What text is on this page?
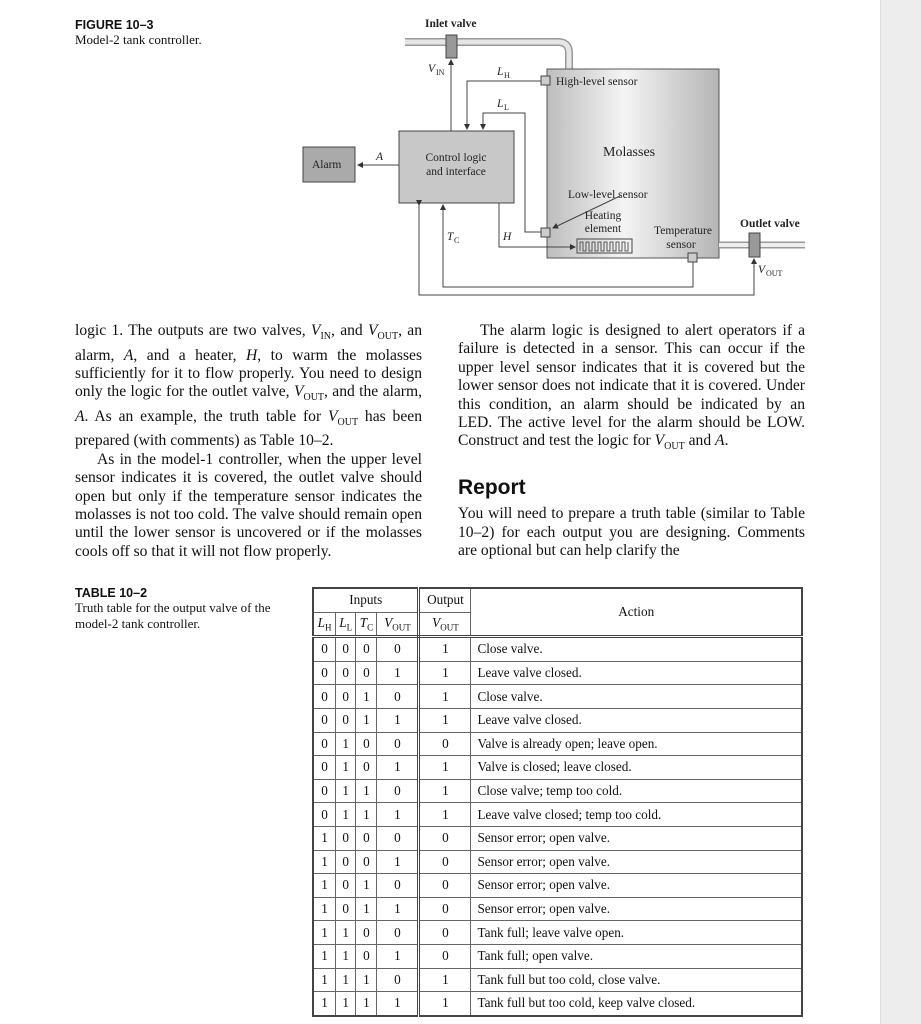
FIGURE 10–3
Model-2 tank controller.
Inlet valve
V IN	L H
L L
High-level sensor
Molasses
Alarm
A	Control logic
and interface
Low-level sensor
Heating
element	Temperature
sensor
Outlet valve
T C	H
V OUT

logic 1. The outputs are two valves, $V_{IN}$, and $V_{OUT}$, an alarm, A, and a heater, H, to warm the molasses sufficiently for it to flow properly. You need to design only the logic for the outlet valve, $V_{OUT}$, and the alarm, A. As an example, the truth table for $V_{OUT}$ has been prepared (with comments) as Table 10–2.

As in the model-1 controller, when the upper level sensor indicates it is covered, the outlet valve should open but only if the temperature sensor indicates the molasses is not too cold. The valve should remain open until the lower sensor is uncovered or if the molasses cools off so that it will not flow properly.

The alarm logic is designed to alert operators if a failure is detected in a sensor. This can occur if the upper level sensor indicates that it is covered but the lower sensor does not indicate that it is covered. Under this condition, an alarm should be indicated by an LED. The active level for the alarm should be LOW. Construct and test the logic for $V_{OUT}$ and A.

Report

You will need to prepare a truth table (similar to Table 10–2) for each output you are designing. Comments are optional but can help clarify the

TABLE 10–2
Truth table for the output valve of the model-2 tank controller.
Inputs				Output	Action
$L_H$	$L_L$	$T_C$	$V_{OUT}$	$V_{OUT}$
0	0	0	0	1	Close valve.
0	0	0	1	1	Leave valve closed.
0	0	1	0	1	Close valve.
0	0	1	1	1	Leave valve closed.
0	1	0	0	0	Valve is already open; leave open.
0	1	0	1	1	Valve is closed; leave closed.
0	1	1	0	1	Close valve; temp too cold.
0	1	1	1	1	Leave valve closed; temp too cold.
1	0	0	0	0	Sensor error; open valve.
1	0	0	1	0	Sensor error; open valve.
1	0	1	0	0	Sensor error; open valve.
1	0	1	1	0	Sensor error; open valve.
1	1	0	0	0	Tank full; leave valve open.
1	1	0	1	0	Tank full; open valve.
1	1	1	0	1	Tank full but too cold, close valve.
1	1	1	1	1	Tank full but too cold, keep valve closed.
